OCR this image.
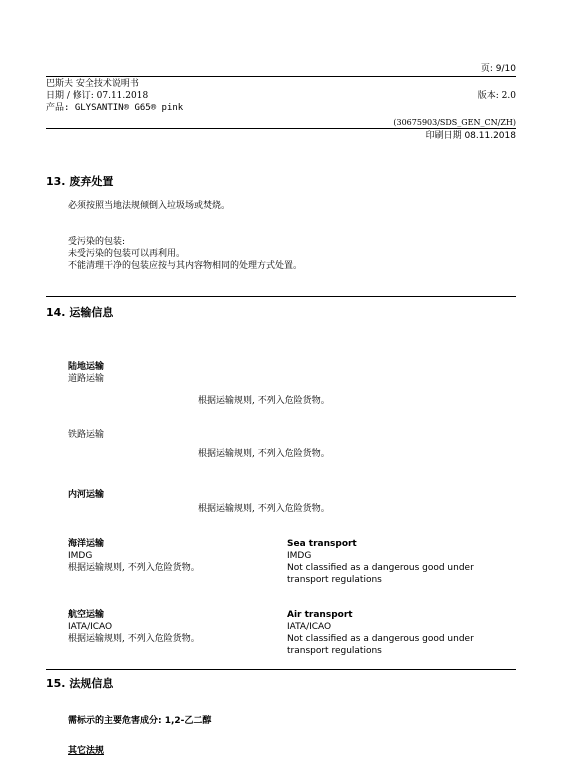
页: 9/10
巴斯夫 安全技术说明书
日期 / 修订: 07.11.2018	版本: 2.0
产品: GLYSANTIN® G65® pink
(30675903/SDS_GEN_CN/ZH)
印刷日期 08.11.2018
13. 废弃处置
必须按照当地法规倾倒入垃圾场或焚烧。
受污染的包装:
未受污染的包装可以再利用。
不能清理干净的包装应按与其内容物相同的处理方式处置。
14. 运输信息
陆地运输
道路运输
根据运输规则, 不列入危险货物。
铁路运输
根据运输规则, 不列入危险货物。
内河运输
根据运输规则, 不列入危险货物。
海洋运输
IMDG
根据运输规则, 不列入危险货物。
Sea transport
IMDG
Not classified as a dangerous good under
transport regulations
航空运输
IATA/ICAO
根据运输规则, 不列入危险货物。
Air transport
IATA/ICAO
Not classified as a dangerous good under
transport regulations
15. 法规信息
需标示的主要危害成分: 1,2-乙二醇
其它法规
